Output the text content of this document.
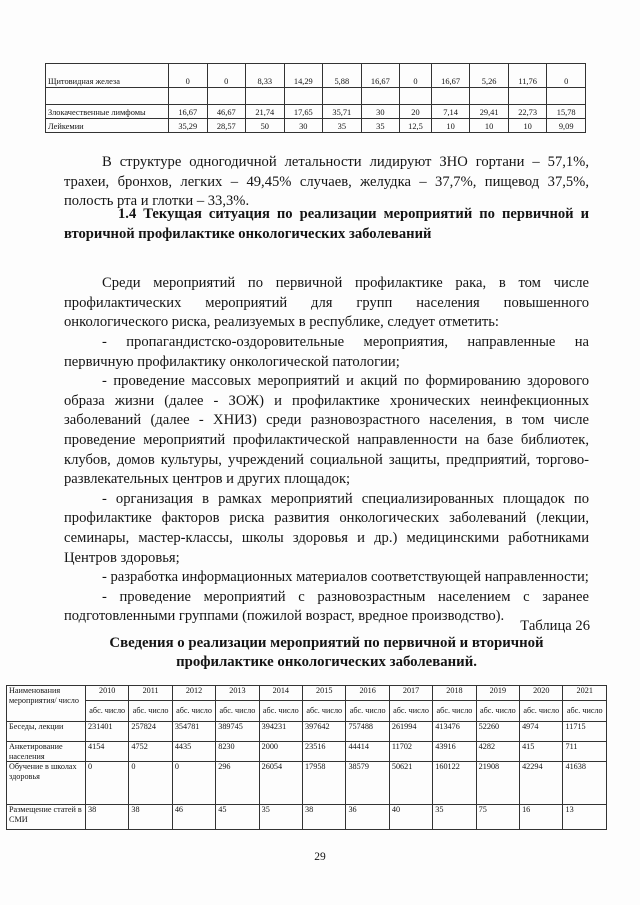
Щитовидная железа	0	0	8,33	14,29	5,88	16,67	0	16,67	5,26	11,76	0

Злокачественные лимфомы	16,67	46,67	21,74	17,65	35,71	30	20	7,14	29,41	22,73	15,78
Лейкемии	35,29	28,57	50	30	35	35	12,5	10	10	10	9,09
В структуре одногодичной летальности лидируют ЗНО гортани – 57,1%, трахеи, бронхов, легких – 49,45% случаев, желудка – 37,7%, пищевод 37,5%, полость рта и глотки – 33,3%.
1.4 Текущая ситуация по реализации мероприятий по первичной и вторичной профилактике онкологических заболеваний
Среди мероприятий по первичной профилактике рака, в том числе профилактических мероприятий для групп населения повышенного онкологического риска, реализуемых в республике, следует отметить:
- пропагандистско-оздоровительные мероприятия, направленные на первичную профилактику онкологической патологии;
- проведение массовых мероприятий и акций по формированию здорового образа жизни (далее - ЗОЖ) и профилактике хронических неинфекционных заболеваний (далее - ХНИЗ) среди разновозрастного населения, в том числе проведение мероприятий профилактической направленности на базе библиотек, клубов, домов культуры, учреждений социальной защиты, предприятий, торгово-развлекательных центров и других площадок;
- организация в рамках мероприятий специализированных площадок по профилактике факторов риска развития онкологических заболеваний (лекции, семинары, мастер-классы, школы здоровья и др.) медицинскими работниками Центров здоровья;
- разработка информационных материалов соответствующей направленности;
- проведение мероприятий с разновозрастным населением с заранее подготовленными группами (пожилой возраст, вредное производство).
Таблица 26
Сведения о реализации мероприятий по первичной и вторичной профилактике онкологических заболеваний.
Наименования мероприятия/ число	2010	2011	2012	2013	2014	2015	2016	2017	2018	2019	2020	2021
	абс. число	абс. число	абс. число	абс. число	абс. число	абс. число	абс. число	абс. число	абс. число	абс. число	абс. число	абс. число
Беседы, лекции	231401	257824	354781	389745	394231	397642	757488	261994	413476	52260	4974	11715
Анкетирование населения	4154	4752	4435	8230	2000	23516	44414	11702	43916	4282	415	711
Обучение в школах здоровья	0	0	0	296	26054	17958	38579	50621	160122	21908	42294	41638
Размещение статей в СМИ	38	38	46	45	35	38	36	40	35	75	16	13
29
